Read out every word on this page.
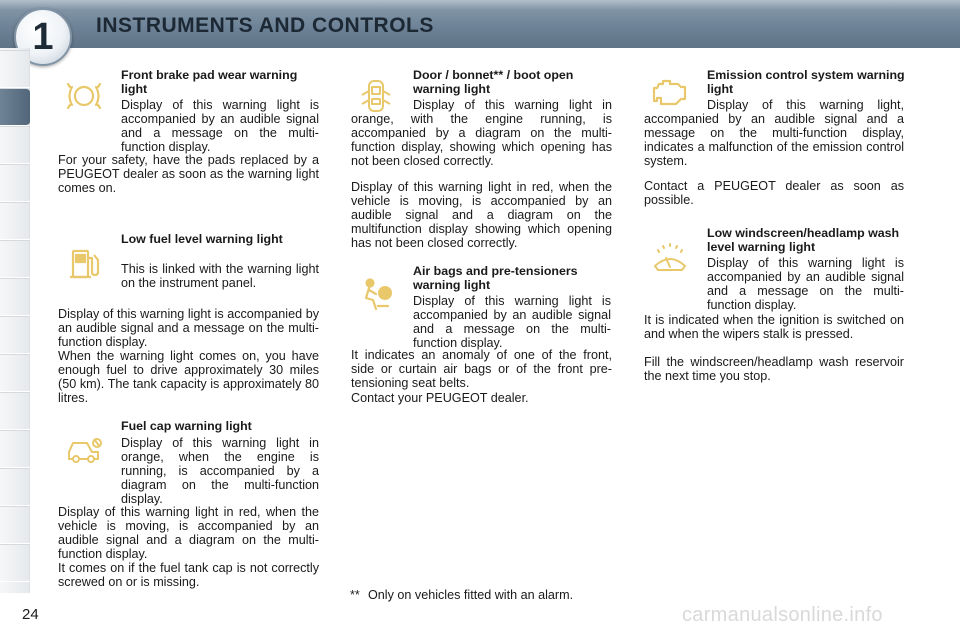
INSTRUMENTS AND CONTROLS
1
Front brake pad wear warning light
Display of this warning light is accompanied by an audible signal and a message on the multi-function display.
For your safety, have the pads replaced by a PEUGEOT dealer as soon as the warning light comes on.
Low fuel level warning light
This is linked with the warning light on the instrument panel.
Display of this warning light is accompanied by an audible signal and a message on the multi-function display.
When the warning light comes on, you have enough fuel to drive approximately 30 miles (50 km). The tank capacity is approximately 80 litres.
Fuel cap warning light
Display of this warning light in orange, when the engine is running, is accompanied by a diagram on the multi-function display.
Display of this warning light in red, when the vehicle is moving, is accompanied by an audible signal and a diagram on the multi-function display.
It comes on if the fuel tank cap is not correctly screwed on or is missing.
Door / bonnet** / boot open warning light
Display of this warning light in orange, with the engine running, is accompanied by a diagram on the multi-function display, showing which opening has not been closed correctly.
Display of this warning light in red, when the vehicle is moving, is accompanied by an audible signal and a diagram on the multifunction display showing which opening has not been closed correctly.
Air bags and pre-tensioners warning light
Display of this warning light is accompanied by an audible signal and a message on the multi-function display.
It indicates an anomaly of one of the front, side or curtain air bags or of the front pre-tensioning seat belts.
Contact your PEUGEOT dealer.
Emission control system warning light
Display of this warning light, accompanied by an audible signal and a message on the multi-function display, indicates a malfunction of the emission control system.
Contact a PEUGEOT dealer as soon as possible.
Low windscreen/headlamp wash level warning light
Display of this warning light is accompanied by an audible signal and a message on the multi-function display.
It is indicated when the ignition is switched on and when the wipers stalk is pressed.
Fill the windscreen/headlamp wash reservoir the next time you stop.
** Only on vehicles fitted with an alarm.
24	carmanualsonline.info
